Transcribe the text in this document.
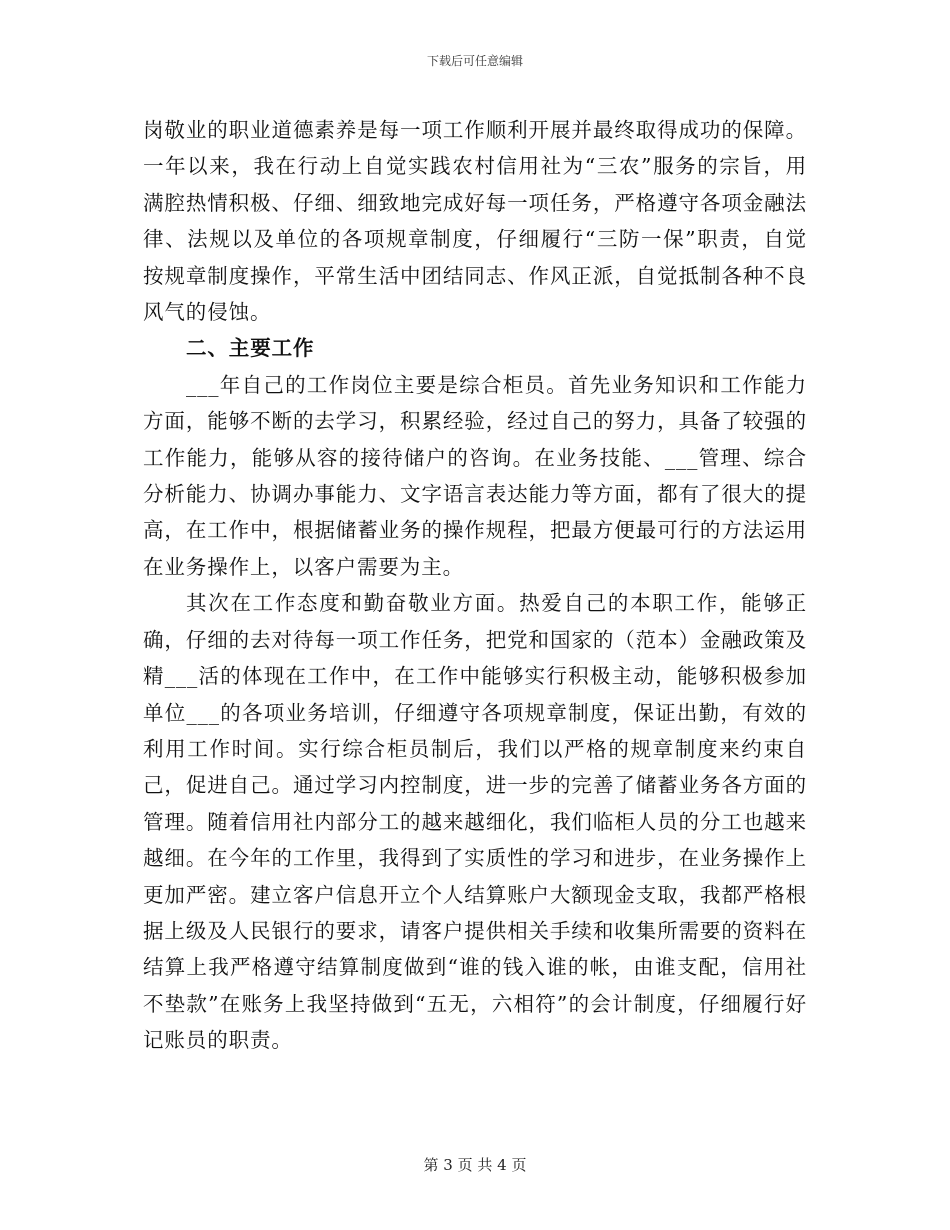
下载后可任意编辑

岗敬业的职业道德素养是每一项工作顺利开展并最终取得成功的保障。一年以来，我在行动上自觉实践农村信用社为“三农”服务的宗旨，用满腔热情积极、仔细、细致地完成好每一项任务，严格遵守各项金融法律、法规以及单位的各项规章制度，仔细履行“三防一保”职责，自觉按规章制度操作，平常生活中团结同志、作风正派，自觉抵制各种不良风气的侵蚀。

二、主要工作

___年自己的工作岗位主要是综合柜员。首先业务知识和工作能力方面，能够不断的去学习，积累经验，经过自己的努力，具备了较强的工作能力，能够从容的接待储户的咨询。在业务技能、___管理、综合分析能力、协调办事能力、文字语言表达能力等方面，都有了很大的提高，在工作中，根据储蓄业务的操作规程，把最方便最可行的方法运用在业务操作上，以客户需要为主。

其次在工作态度和勤奋敬业方面。热爱自己的本职工作，能够正确，仔细的去对待每一项工作任务，把党和国家的（范本）金融政策及精___活的体现在工作中，在工作中能够实行积极主动，能够积极参加单位___的各项业务培训，仔细遵守各项规章制度，保证出勤，有效的利用工作时间。实行综合柜员制后，我们以严格的规章制度来约束自己，促进自己。通过学习内控制度，进一步的完善了储蓄业务各方面的管理。随着信用社内部分工的越来越细化，我们临柜人员的分工也越来越细。在今年的工作里，我得到了实质性的学习和进步，在业务操作上更加严密。建立客户信息开立个人结算账户大额现金支取，我都严格根据上级及人民银行的要求，请客户提供相关手续和收集所需要的资料在结算上我严格遵守结算制度做到“谁的钱入谁的帐，由谁支配，信用社不垫款”在账务上我坚持做到“五无，六相符”的会计制度，仔细履行好记账员的职责。

第 3 页 共 4 页
